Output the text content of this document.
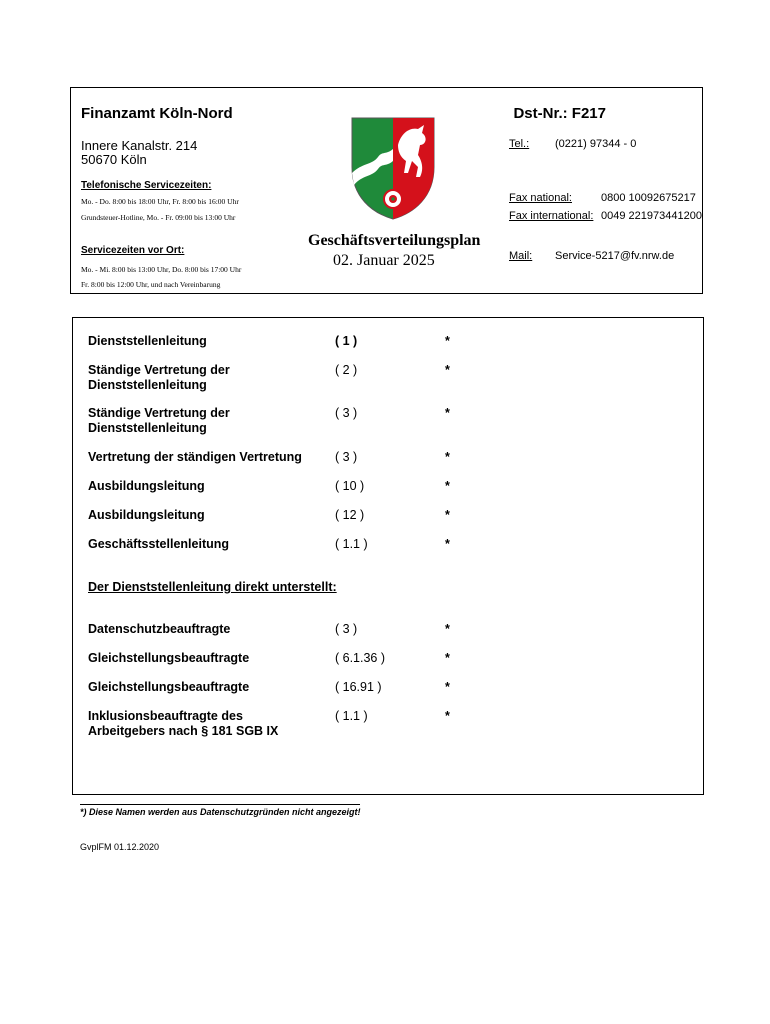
Finanzamt Köln-Nord	Dst-Nr.: F217
Innere Kanalstr. 214
50670 Köln
Telefonische Servicezeiten:
Mo. - Do. 8:00 bis 18:00 Uhr, Fr. 8:00 bis 16:00 Uhr
Grundsteuer-Hotline, Mo. - Fr. 09:00 bis 13:00 Uhr
Servicezeiten vor Ort:
Mo. - Mi. 8:00 bis 13:00 Uhr, Do. 8:00 bis 17:00 Uhr
Fr. 8:00 bis 12:00 Uhr, und nach Vereinbarung
Geschäftsverteilungsplan
02. Januar 2025
Tel.: (0221) 97344 - 0
Fax national:	0800 10092675217
Fax international: 0049 221973441200
Mail: Service-5217@fv.nrw.de
Dienststellenleitung	( 1 )	*
Ständige Vertretung der
Dienststellenleitung
( 2 )	*
Ständige Vertretung der
Dienststellenleitung
( 3 )	*
Vertretung der ständigen Vertretung	( 3 )	*
Ausbildungsleitung	( 10 )	*
Ausbildungsleitung	( 12 )	*
Geschäftsstellenleitung	( 1.1 )	*
Der Dienststellenleitung direkt unterstellt:
Datenschutzbeauftragte	( 3 )	*
Gleichstellungsbeauftragte	( 6.1.36 )	*
Gleichstellungsbeauftragte	( 16.91 )	*
Inklusionsbeauftragte des
Arbeitgebers nach § 181 SGB IX
( 1.1 )	*
*) Diese Namen werden aus Datenschutzgründen nicht angezeigt!
GvplFM 01.12.2020
